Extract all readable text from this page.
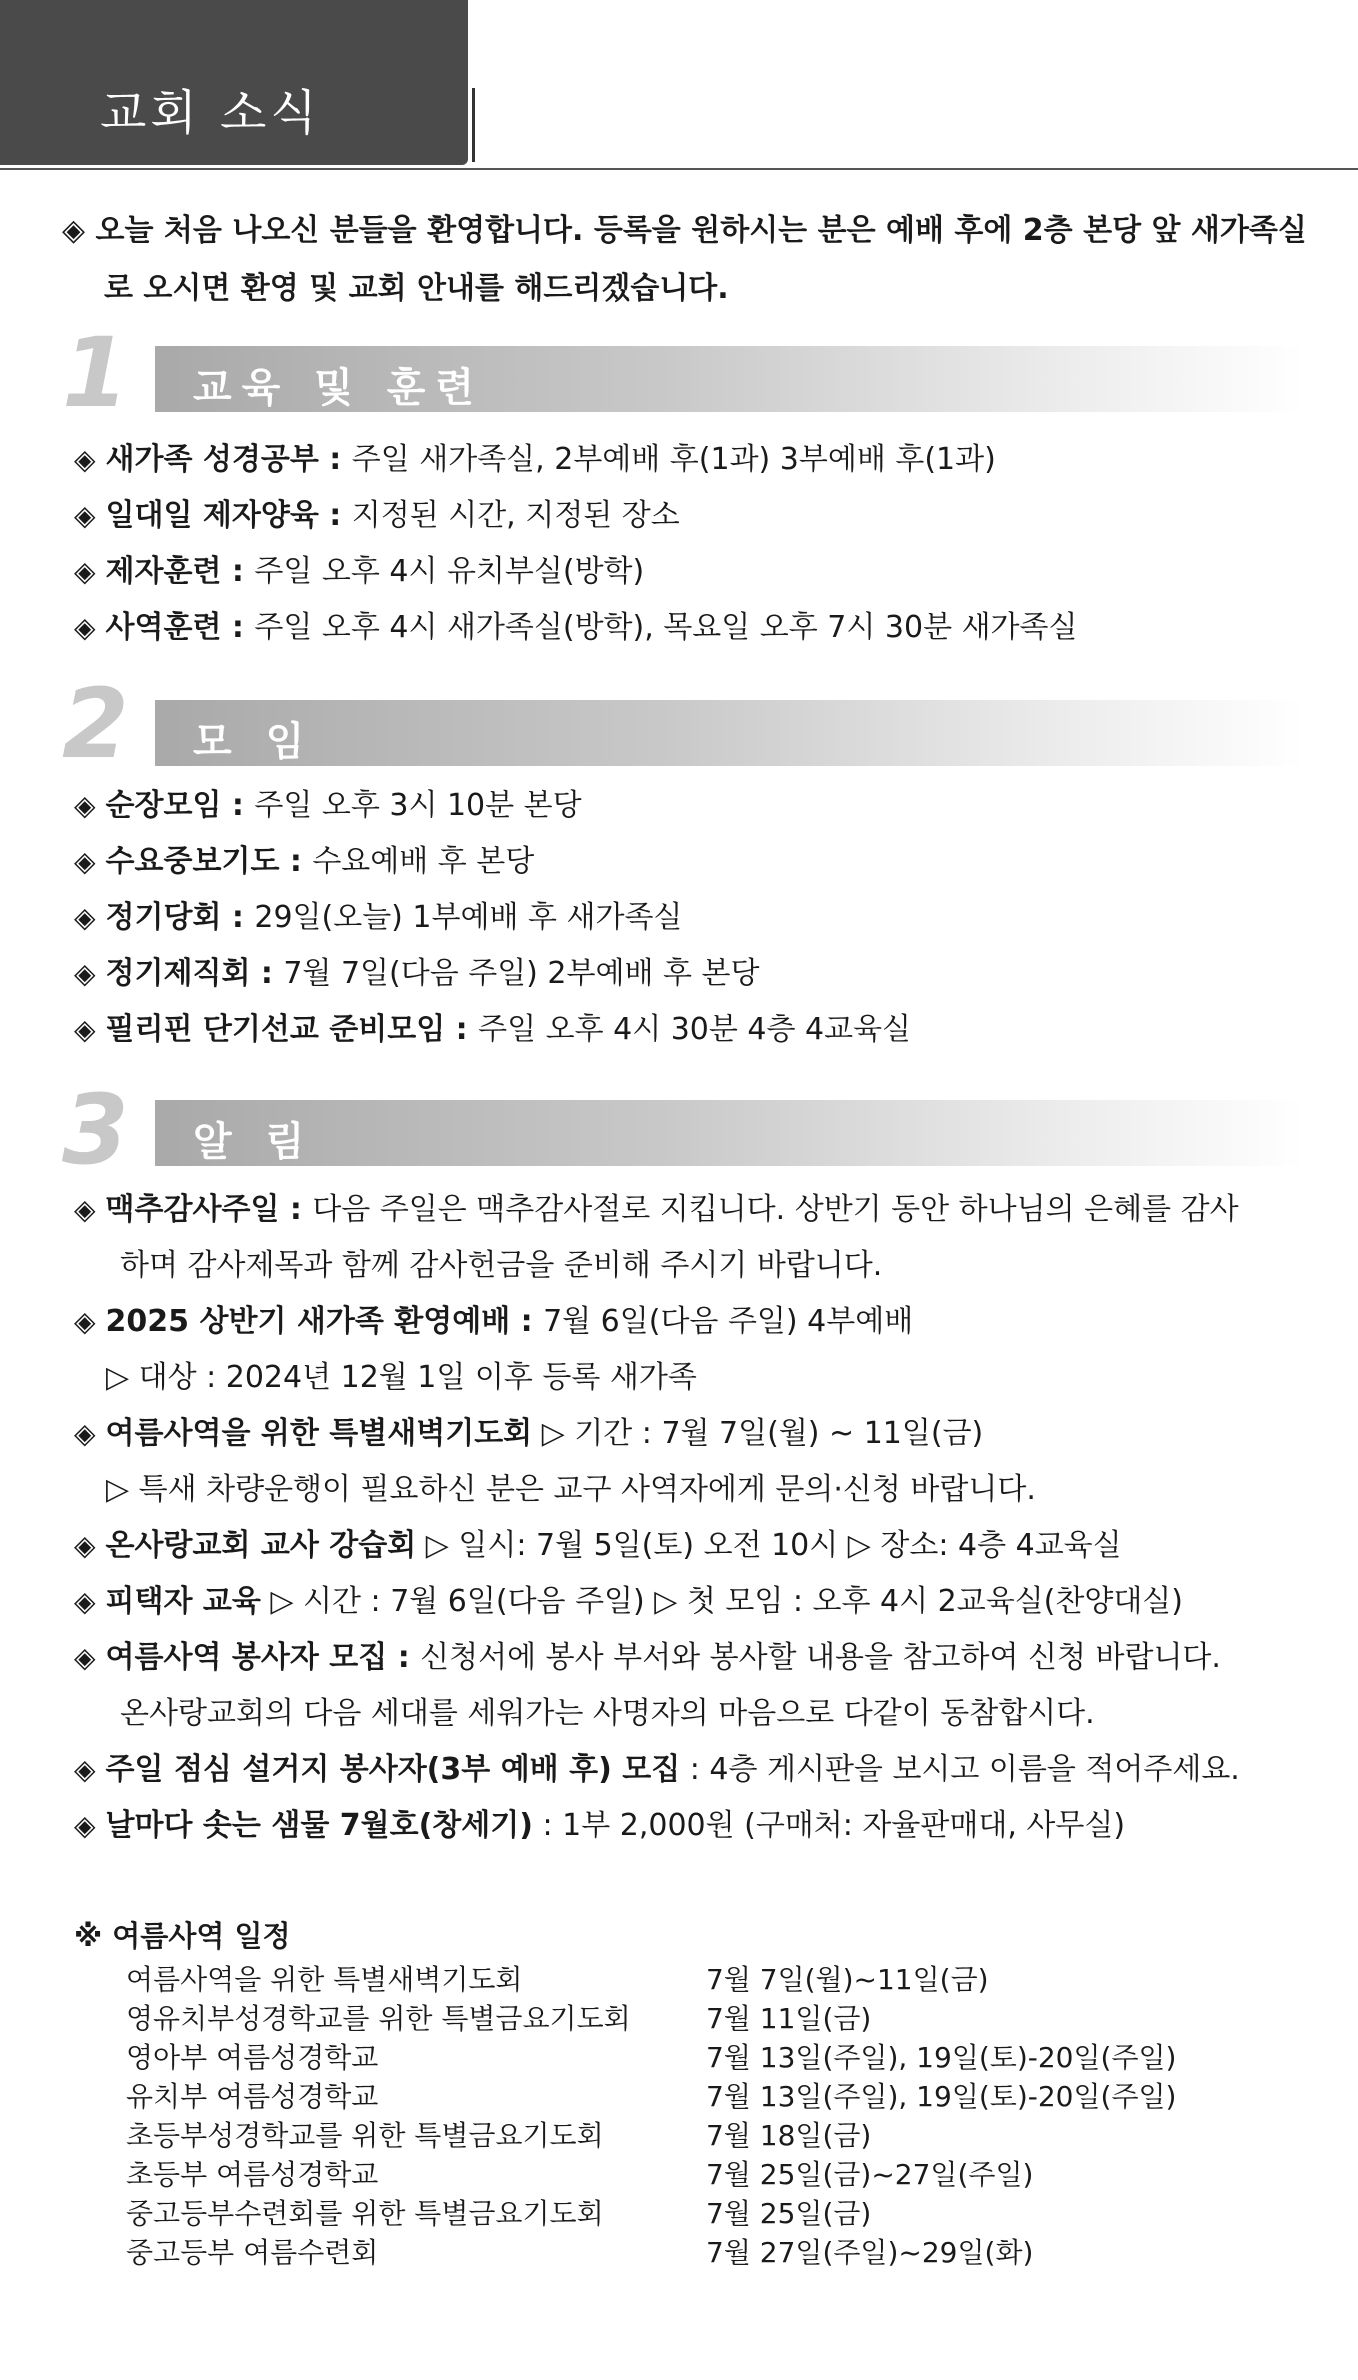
교회 소식
◈ 오늘 처음 나오신 분들을 환영합니다. 등록을 원하시는 분은 예배 후에 2층 본당 앞 새가족실
로 오시면 환영 및 교회 안내를 해드리겠습니다.
1 교육 및 훈련
◈ 새가족 성경공부 : 주일 새가족실, 2부예배 후(1과) 3부예배 후(1과)
◈ 일대일 제자양육 : 지정된 시간, 지정된 장소
◈ 제자훈련 : 주일 오후 4시 유치부실(방학)
◈ 사역훈련 : 주일 오후 4시 새가족실(방학), 목요일 오후 7시 30분 새가족실
2 모 임
◈ 순장모임 : 주일 오후 3시 10분 본당
◈ 수요중보기도 : 수요예배 후 본당
◈ 정기당회 : 29일(오늘) 1부예배 후 새가족실
◈ 정기제직회 : 7월 7일(다음 주일) 2부예배 후 본당
◈ 필리핀 단기선교 준비모임 : 주일 오후 4시 30분 4층 4교육실
3 알 림
◈ 맥추감사주일 : 다음 주일은 맥추감사절로 지킵니다. 상반기 동안 하나님의 은혜를 감사
하며 감사제목과 함께 감사헌금을 준비해 주시기 바랍니다.
◈ 2025 상반기 새가족 환영예배 : 7월 6일(다음 주일) 4부예배
▷ 대상 : 2024년 12월 1일 이후 등록 새가족
◈ 여름사역을 위한 특별새벽기도회 ▷ 기간 : 7월 7일(월) ~ 11일(금)
▷ 특새 차량운행이 필요하신 분은 교구 사역자에게 문의·신청 바랍니다.
◈ 온사랑교회 교사 강습회 ▷ 일시: 7월 5일(토) 오전 10시 ▷ 장소: 4층 4교육실
◈ 피택자 교육 ▷ 시간 : 7월 6일(다음 주일) ▷ 첫 모임 : 오후 4시 2교육실(찬양대실)
◈ 여름사역 봉사자 모집 : 신청서에 봉사 부서와 봉사할 내용을 참고하여 신청 바랍니다.
온사랑교회의 다음 세대를 세워가는 사명자의 마음으로 다같이 동참합시다.
◈ 주일 점심 설거지 봉사자(3부 예배 후) 모집 : 4층 게시판을 보시고 이름을 적어주세요.
◈ 날마다 솟는 샘물 7월호(창세기) : 1부 2,000원 (구매처: 자율판매대, 사무실)
※ 여름사역 일정
여름사역을 위한 특별새벽기도회	7월 7일(월)~11일(금)
영유치부성경학교를 위한 특별금요기도회	7월 11일(금)
영아부 여름성경학교	7월 13일(주일), 19일(토)-20일(주일)
유치부 여름성경학교	7월 13일(주일), 19일(토)-20일(주일)
초등부성경학교를 위한 특별금요기도회	7월 18일(금)
초등부 여름성경학교	7월 25일(금)~27일(주일)
중고등부수련회를 위한 특별금요기도회	7월 25일(금)
중고등부 여름수련회	7월 27일(주일)~29일(화)
